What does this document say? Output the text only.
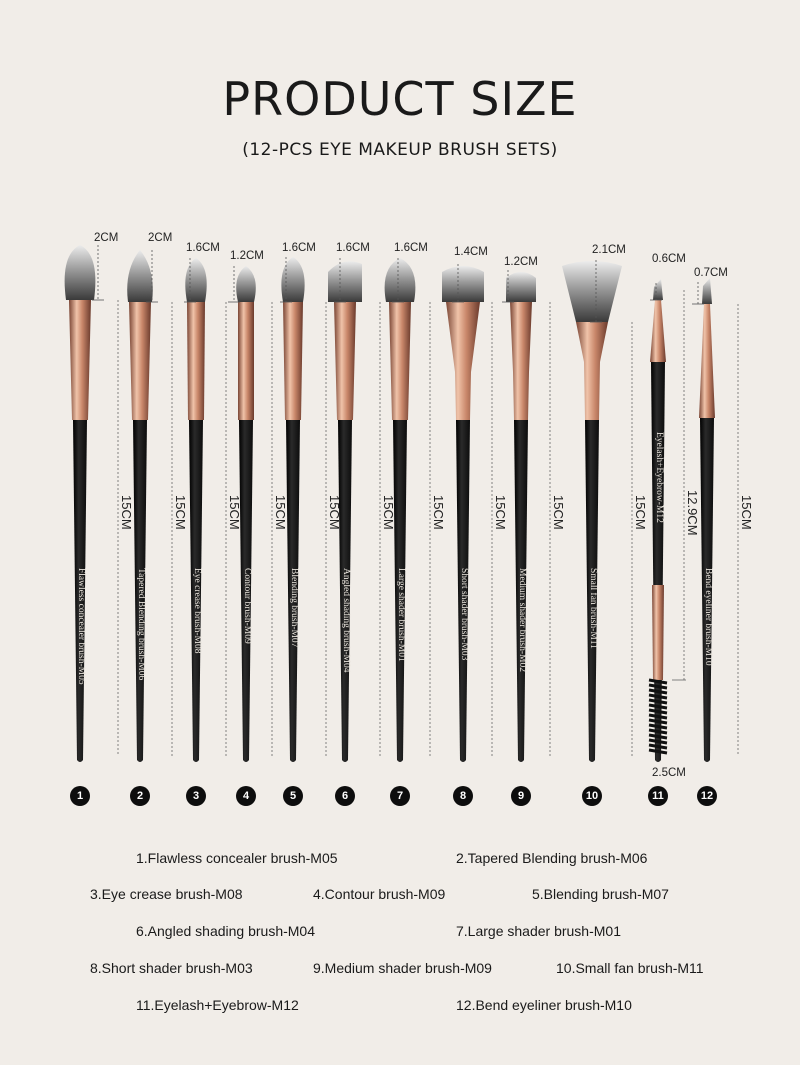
PRODUCT SIZE
(12-PCS EYE MAKEUP BRUSH SETS)
2CM
15CM
Flawless concealer brush-M05
1
2CM
15CM
Tapered Blending brush-M06
2
1.6CM
15CM
Eye crease brush-M08
3
1.2CM
15CM
Contour brush-M09
4
1.6CM
15CM
Blending brush-M07
5
1.6CM
15CM
Angled shading brush-M04
6
1.6CM
15CM
Large shader brush-M01
7
1.4CM
15CM
Short shader brush-M03
8
1.2CM
15CM
Medium shader brush-M02
9
2.1CM
15CM
Small fan brush-M11
10
0.6CM
12.9CM
Eyelash+Eyebrow-M12
11
2.5CM
0.7CM
15CM
Bend eyeliner brush-M10
12
1.Flawless concealer brush-M05	2.Tapered Blending brush-M06
3.Eye crease brush-M08	4.Contour brush-M09	5.Blending brush-M07
6.Angled shading brush-M04	7.Large shader brush-M01
8.Short shader brush-M03	9.Medium shader brush-M09	10.Small fan brush-M11
11.Eyelash+Eyebrow-M12	12.Bend eyeliner brush-M10
